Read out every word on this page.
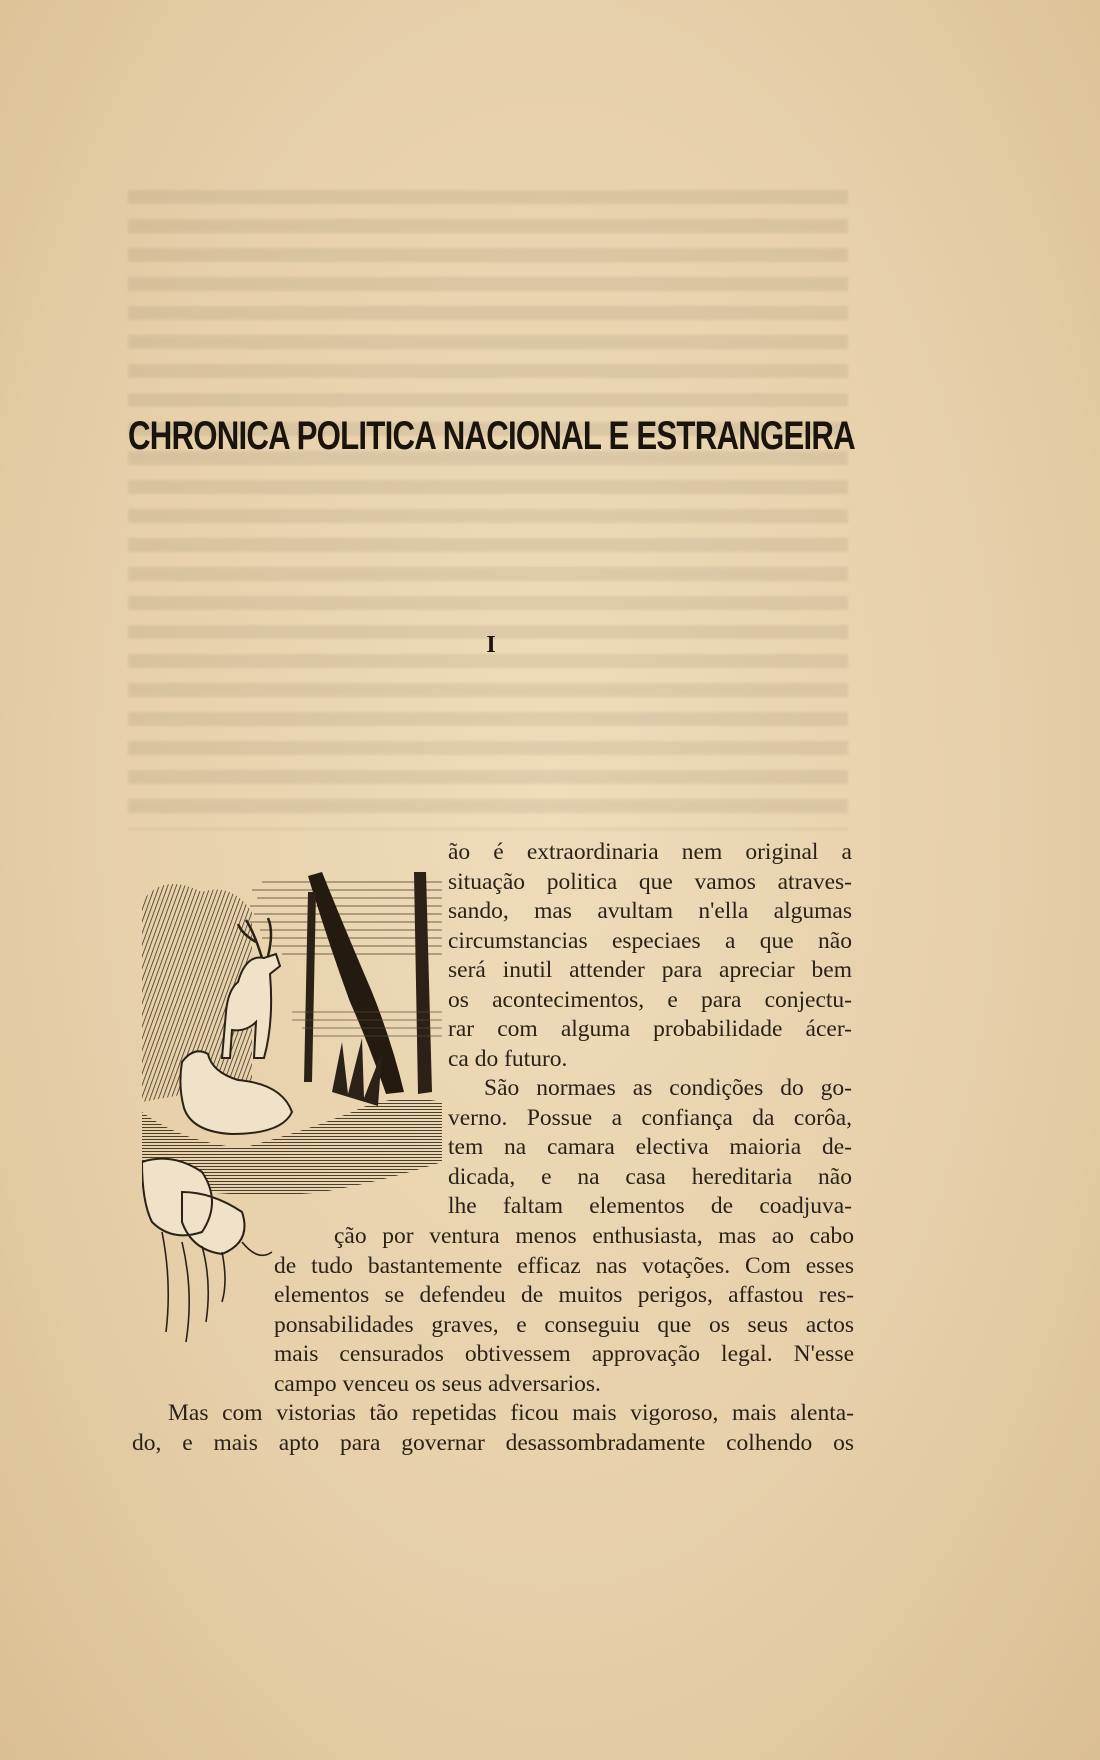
CHRONICA POLITICA NACIONAL E ESTRANGEIRA
I
ão é extraordinaria nem original a
situação politica que vamos atraves-
sando, mas avultam n'ella algumas
circumstancias especiaes a que não
será inutil attender para apreciar bem
os acontecimentos, e para conjectu-
rar com alguma probabilidade ácer-
ca do futuro.
São normaes as condições do go-
verno. Possue a confiança da corôa,
tem na camara electiva maioria de-
dicada, e na casa hereditaria não
lhe faltam elementos de coadjuva-
ção por ventura menos enthusiasta, mas ao cabo
de tudo bastantemente efficaz nas votações. Com esses
elementos se defendeu de muitos perigos, affastou res-
ponsabilidades graves, e conseguiu que os seus actos
mais censurados obtivessem approvação legal. N'esse
campo venceu os seus adversarios.
Mas com vistorias tão repetidas ficou mais vigoroso, mais alenta-
do, e mais apto para governar desassombradamente colhendo os
